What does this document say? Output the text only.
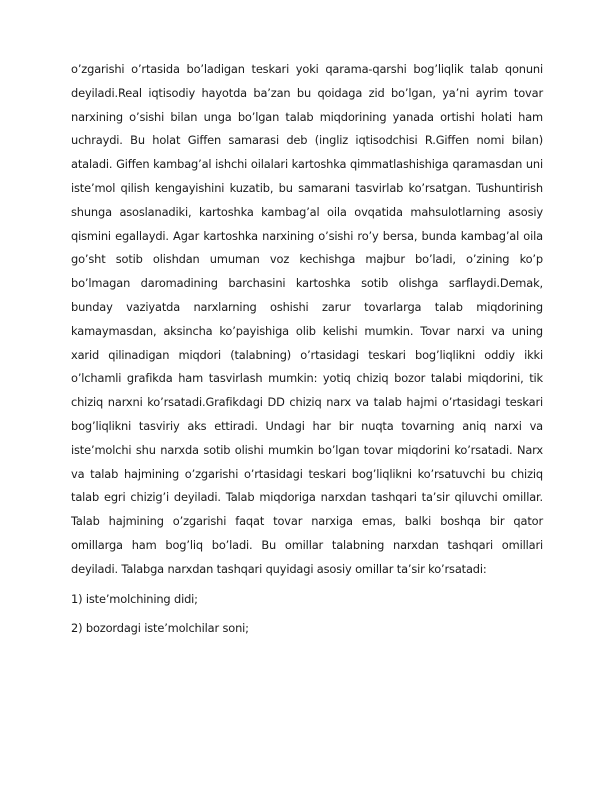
o’zgarishi o’rtasida bo’ladigan teskari yoki qarama-qarshi bog’liqlik talab qonuni deyiladi.Real iqtisodiy hayotda ba’zan bu qoidaga zid bo’lgan, ya’ni ayrim tovar narxining o’sishi bilan unga bo’lgan talab miqdorining yanada ortishi holati ham uchraydi. Bu holat Giffen samarasi deb (ingliz iqtisodchisi R.Giffen nomi bilan) ataladi. Giffen kambag’al ishchi oilalari kartoshka qimmatlashishiga qaramasdan uni iste’mol qilish kengayishini kuzatib, bu samarani tasvirlab ko’rsatgan. Tushuntirish shunga asoslanadiki, kartoshka kambag’al oila ovqatida mahsulotlarning asosiy qismini egallaydi. Agar kartoshka narxining o’sishi ro’y bersa, bunda kambag’al oila go’sht sotib olishdan umuman voz kechishga majbur bo’ladi, o’zining ko’p bo’lmagan daromadining barchasini kartoshka sotib olishga sarflaydi.Demak, bunday vaziyatda narxlarning oshishi zarur tovarlarga talab miqdorining kamaymasdan, aksincha ko’payishiga olib kelishi mumkin. Tovar narxi va uning xarid qilinadigan miqdori (talabning) o’rtasidagi teskari bog’liqlikni oddiy ikki o’lchamli grafikda ham tasvirlash mumkin: yotiq chiziq bozor talabi miqdorini, tik chiziq narxni ko’rsatadi.Grafikdagi DD chiziq narx va talab hajmi o’rtasidagi teskari bog’liqlikni tasviriy aks ettiradi. Undagi har bir nuqta tovarning aniq narxi va iste’molchi shu narxda sotib olishi mumkin bo’lgan tovar miqdorini ko’rsatadi. Narx va talab hajmining o’zgarishi o’rtasidagi teskari bog’liqlikni ko’rsatuvchi bu chiziq talab egri chizig’i deyiladi. Talab miqdoriga narxdan tashqari ta’sir qiluvchi omillar. Talab hajmining o’zgarishi faqat tovar narxiga emas, balki boshqa bir qator omillarga ham bog’liq bo’ladi. Bu omillar talabning narxdan tashqari omillari deyiladi. Talabga narxdan tashqari quyidagi asosiy omillar ta’sir ko’rsatadi:

1) iste’molchining didi;

2) bozordagi iste’molchilar soni;
